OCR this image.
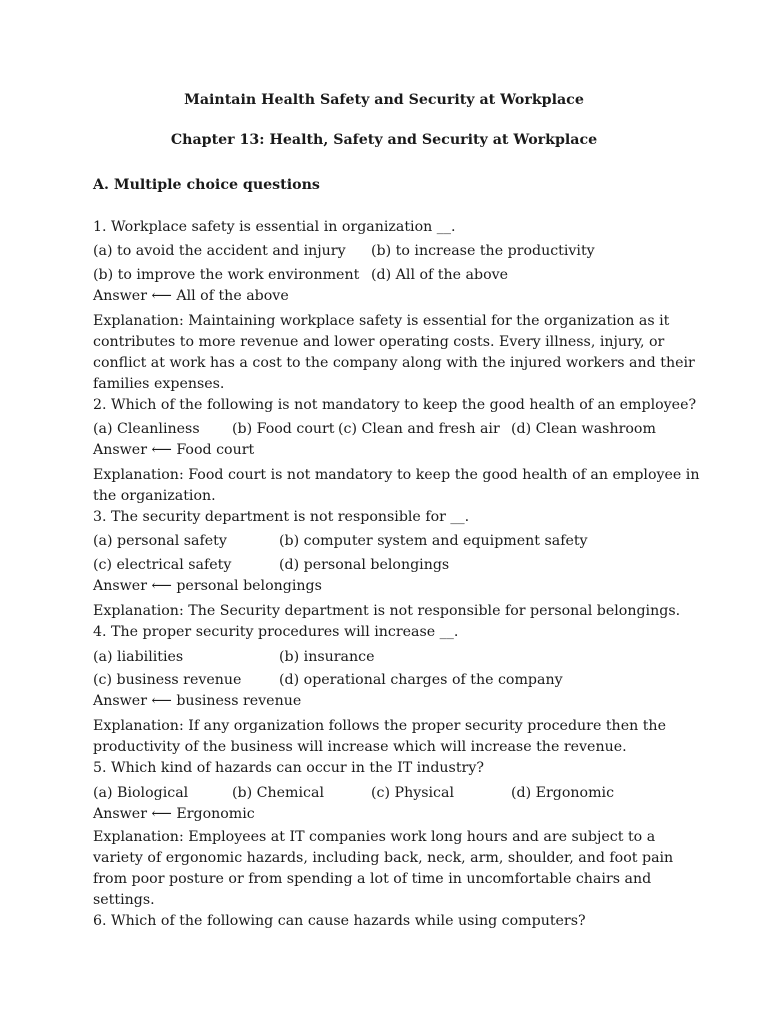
Maintain Health Safety and Security at Workplace
Chapter 13: Health, Safety and Security at Workplace
A. Multiple choice questions
1. Workplace safety is essential in organization __.
(a) to avoid the accident and injury (b) to increase the productivity
(b) to improve the work environment (d) All of the above
Answer ⟵ All of the above
Explanation: Maintaining workplace safety is essential for the organization as it
contributes to more revenue and lower operating costs. Every illness, injury, or
conflict at work has a cost to the company along with the injured workers and their
families expenses.
2. Which of the following is not mandatory to keep the good health of an employee?
(a) Cleanliness (b) Food court (c) Clean and fresh air (d) Clean washroom
Answer ⟵ Food court
Explanation: Food court is not mandatory to keep the good health of an employee in
the organization.
3. The security department is not responsible for __.
(a) personal safety	(b) computer system and equipment safety
(c) electrical safety	(d) personal belongings
Answer ⟵ personal belongings
Explanation: The Security department is not responsible for personal belongings.
4. The proper security procedures will increase __.
(a) liabilities	(b) insurance
(c) business revenue	(d) operational charges of the company
Answer ⟵ business revenue
Explanation: If any organization follows the proper security procedure then the
productivity of the business will increase which will increase the revenue.
5. Which kind of hazards can occur in the IT industry?
(a) Biological	(b) Chemical	(c) Physical	(d) Ergonomic
Answer ⟵ Ergonomic
Explanation: Employees at IT companies work long hours and are subject to a
variety of ergonomic hazards, including back, neck, arm, shoulder, and foot pain
from poor posture or from spending a lot of time in uncomfortable chairs and
settings.
6. Which of the following can cause hazards while using computers?
